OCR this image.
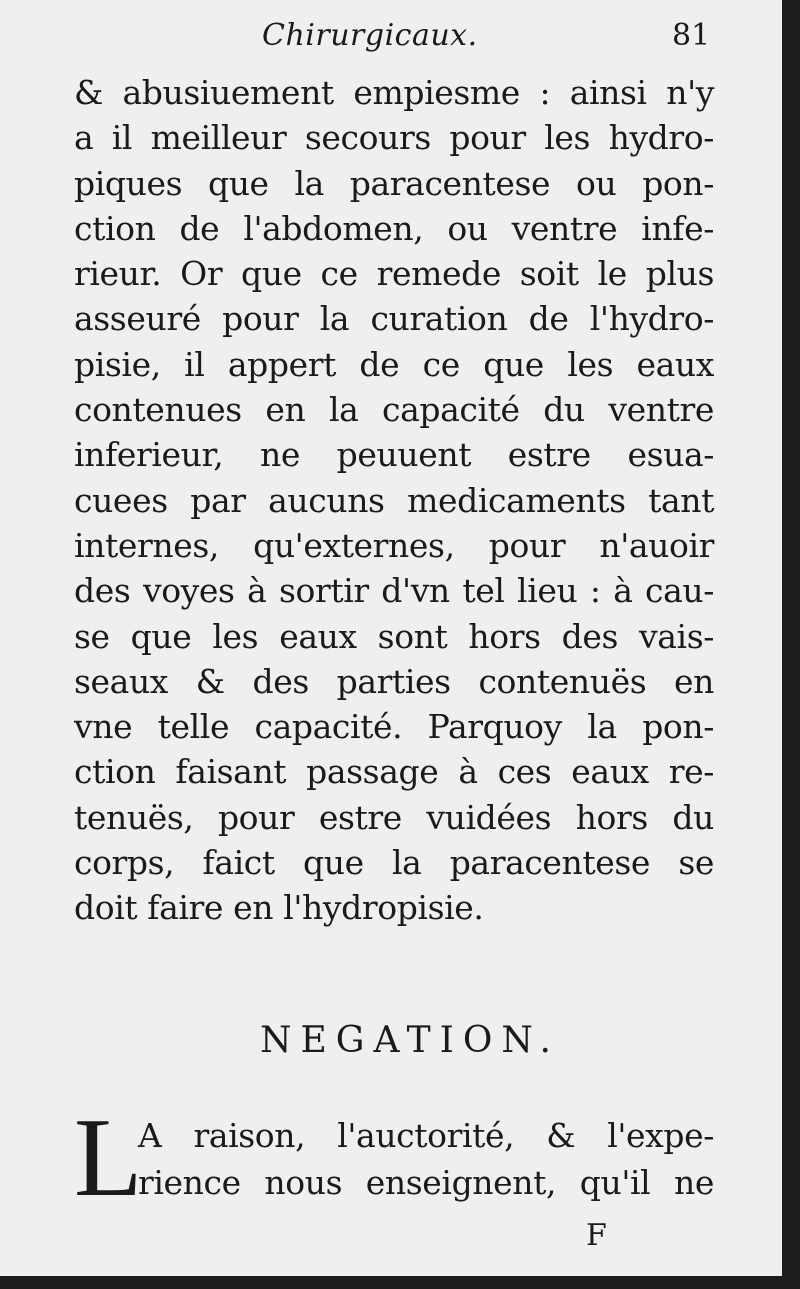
Chirurgicaux.	81
& abusiuement empiesme : ainsi n'y
a il meilleur secours pour les hydro-
piques que la paracentese ou pon-
ction de l'abdomen, ou ventre infe-
rieur. Or que ce remede soit le plus
asseuré pour la curation de l'hydro-
pisie, il appert de ce que les eaux
contenues en la capacité du ventre
inferieur, ne peuuent estre esua-
cuees par aucuns medicaments tant
internes, qu'externes, pour n'auoir
des voyes à sortir d'vn tel lieu : à cau-
se que les eaux sont hors des vais-
seaux & des parties contenuës en
vne telle capacité. Parquoy la pon-
ction faisant passage à ces eaux re-
tenuës, pour estre vuidées hors du
corps, faict que la paracentese se
doit faire en l'hydropisie.
NEGATION.
L
A raison, l'auctorité, & l'expe-
rience nous enseignent, qu'il ne
F
